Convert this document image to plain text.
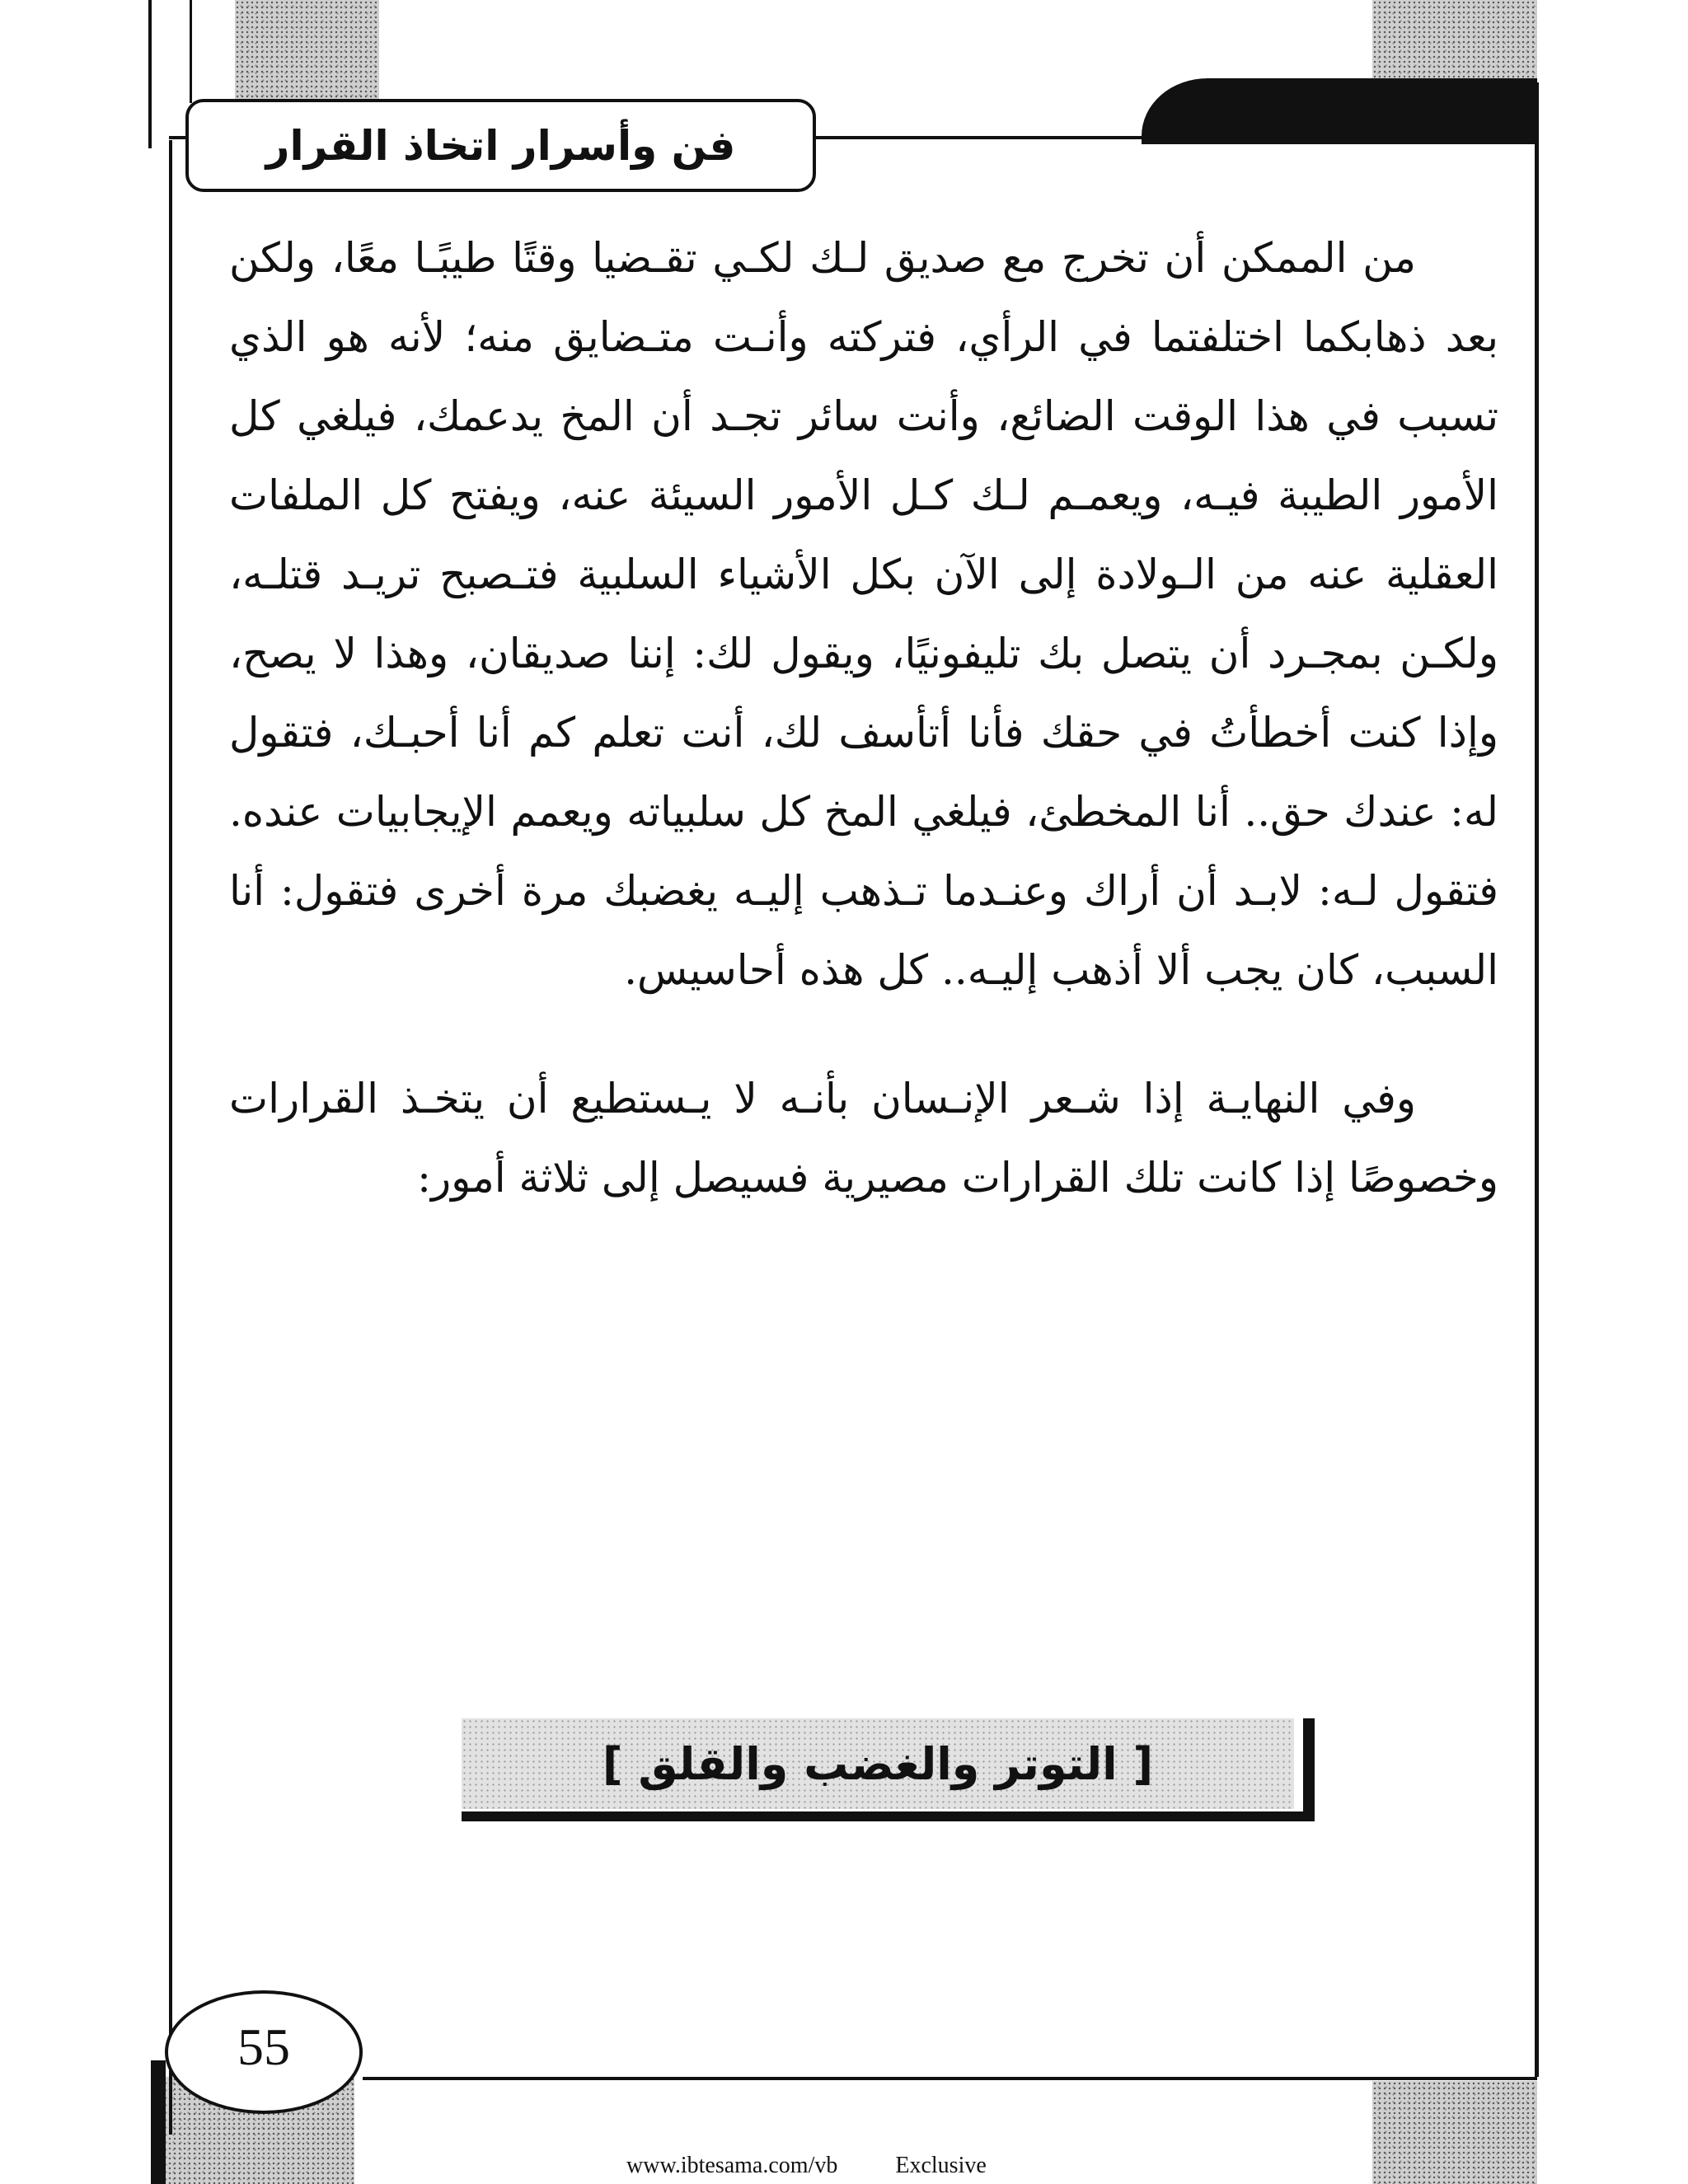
فن وأسرار اتخاذ القرار

من الممكن أن تخرج مع صديق لـك لكـي تقـضيا وقتًا طيبًـا معًا، ولكن بعد ذهابكما اختلفتما في الرأي، فتركته وأنـت متـضايق منه؛ لأنه هو الذي تسبب في هذا الوقت الضائع، وأنت سائر تجـد أن المخ يدعمك، فيلغي كل الأمور الطيبة فيـه، ويعمـم لـك كـل الأمور السيئة عنه، ويفتح كل الملفات العقلية عنه من الـولادة إلى الآن بكل الأشياء السلبية فتـصبح تريـد قتلـه، ولكـن بمجـرد أن يتصل بك تليفونيًا، ويقول لك: إننا صديقان، وهذا لا يصح، وإذا كنت أخطأتُ في حقك فأنا أتأسف لك، أنت تعلم كم أنا أحبـك، فتقول له: عندك حق.. أنا المخطئ، فيلغي المخ كل سلبياته ويعمم الإيجابيات عنده. فتقول لـه: لابـد أن أراك وعنـدما تـذهب إليـه يغضبك مرة أخرى فتقول: أنا السبب، كان يجب ألا أذهب إليـه.. كل هذه أحاسيس.

وفي النهايـة إذا شـعر الإنـسان بأنـه لا يـستطيع أن يتخـذ القرارات وخصوصًا إذا كانت تلك القرارات مصيرية فسيصل إلى ثلاثة أمور:

[ التوتر والغضب والقلق ]
55
www.ibtesama.com/vb	Exclusive
